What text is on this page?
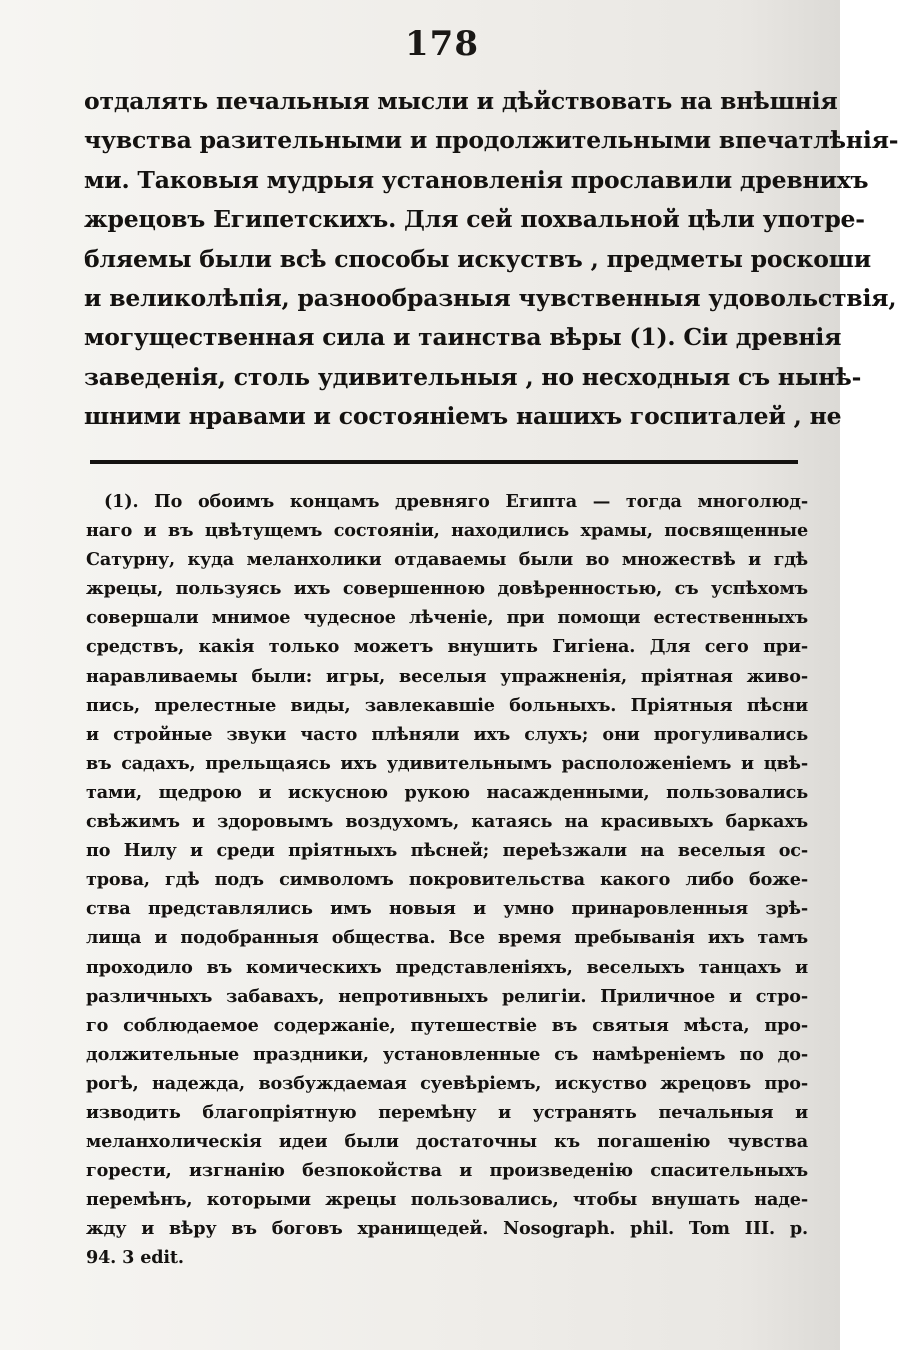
178
отдалять печальныя мысли и дѣйствовать на внѣшнія
чувства разительными и продолжительными впечатлѣнія-
ми. Таковыя мудрыя установленія прославили древнихъ
жрецовъ Египетскихъ. Для сей похвальной цѣли употре-
бляемы были всѣ способы искуствъ , предметы роскоши
и великолѣпія, разнообразныя чувственныя удовольствія,
могущественная сила и таинства вѣры (1). Сіи древнія
заведенія, столь удивительныя , но несходныя съ нынѣ-
шними нравами и состояніемъ нашихъ госпиталей , не
(1). По обоимъ концамъ древняго Египта — тогда многолюд-
наго и въ цвѣтущемъ состояніи, находились храмы, посвященные
Сатурну, куда меланхолики отдаваемы были во множествѣ и гдѣ
жрецы, пользуясь ихъ совершенною довѣренностью, съ успѣхомъ
совершали мнимое чудесное лѣченіе, при помощи естественныхъ
средствъ, какія только можетъ внушить Гигіена. Для сего при-
наравливаемы были: игры, веселыя упражненія, пріятная живо-
пись, прелестные виды, завлекавшіе больныхъ. Пріятныя пѣсни
и стройные звуки часто плѣняли ихъ слухъ; они прогуливались
въ садахъ, прельщаясь ихъ удивительнымъ расположеніемъ и цвѣ-
тами, щедрою и искусною рукою насажденными, пользовались
свѣжимъ и здоровымъ воздухомъ, катаясь на красивыхъ баркахъ
по Нилу и среди пріятныхъ пѣсней; переѣзжали на веселыя ос-
трова, гдѣ подъ символомъ покровительства какого либо боже-
ства представлялись имъ новыя и умно принаровленныя зрѣ-
лища и подобранныя общества. Все время пребыванія ихъ тамъ
проходило въ комическихъ представленіяхъ, веселыхъ танцахъ и
различныхъ забавахъ, непротивныхъ религіи. Приличное и стро-
го соблюдаемое содержаніе, путешествіе въ святыя мѣста, про-
должительные праздники, установленные съ намѣреніемъ по до-
рогѣ, надежда, возбуждаемая суевѣріемъ, искуство жрецовъ про-
изводить благопріятную перемѣну и устранять печальныя и
меланхолическія идеи были достаточны къ погашенію чувства
горести, изгнанію безпокойства и произведенію спасительныхъ
перемѣнъ, которыми жрецы пользовались, чтобы внушать наде-
жду и вѣру въ боговъ хранищедей. Nosograph. phil. Tom III. p.
94. 3 edit.
